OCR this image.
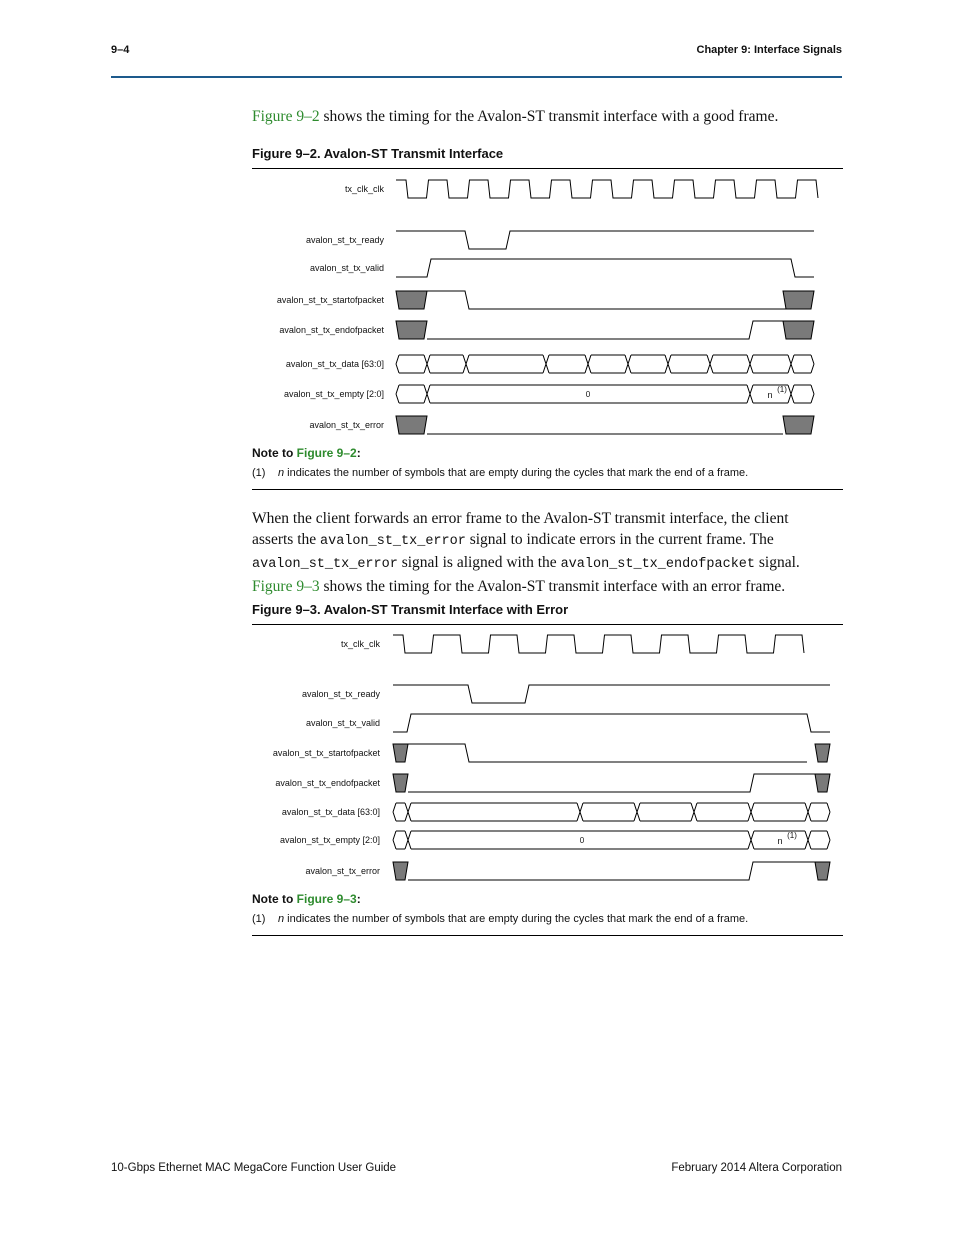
9–4	Chapter 9: Interface Signals
Figure 9–2 shows the timing for the Avalon-ST transmit interface with a good frame.
Figure 9–2. Avalon-ST Transmit Interface
tx_clk_clk
avalon_st_tx_ready
avalon_st_tx_valid
avalon_st_tx_startofpacket
avalon_st_tx_endofpacket
avalon_st_tx_data [63:0]
avalon_st_tx_empty [2:0]
avalon_st_tx_error
0	n
(1)
tx_clk_clk
avalon_st_tx_ready
avalon_st_tx_valid
avalon_st_tx_startofpacket
avalon_st_tx_endofpacket
avalon_st_tx_data [63:0]
avalon_st_tx_empty [2:0]
avalon_st_tx_error
0	n
(1)
Note to Figure 9–2:
(1) n indicates the number of symbols that are empty during the cycles that mark the end of a frame.
When the client forwards an error frame to the Avalon-ST transmit interface, the client
asserts the avalon_st_tx_error signal to indicate errors in the current frame. The
avalon_st_tx_error signal is aligned with the avalon_st_tx_endofpacket signal.
Figure 9–3 shows the timing for the Avalon-ST transmit interface with an error frame.
Figure 9–3. Avalon-ST Transmit Interface with Error
Note to Figure 9–3:
(1) n indicates the number of symbols that are empty during the cycles that mark the end of a frame.
10-Gbps Ethernet MAC MegaCore Function User Guide	February 2014 Altera Corporation
